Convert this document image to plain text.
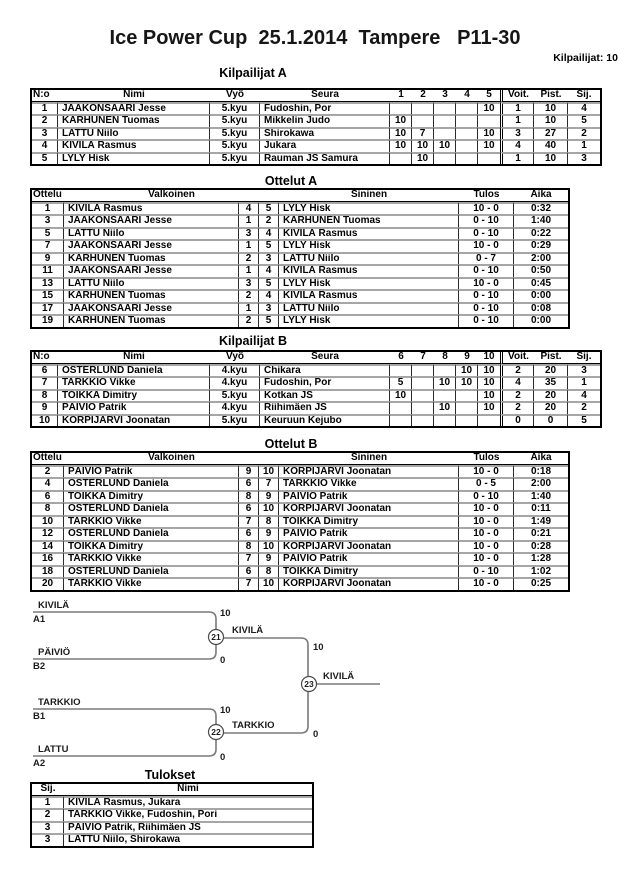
Ice Power Cup  25.1.2014  Tampere   P11-30
Kilpailijat: 10
Kilpailijat A
N:o	Nimi	Vyö	Seura	1	2	3	4	5	Voit.	Pist.	Sij.
1	JAAKONSAARI Jesse	5.kyu	Fudoshin, Por					10	1	10	4
2	KARHUNEN Tuomas	5.kyu	Mikkelin Judo	10					1	10	5
3	LATTU Niilo	5.kyu	Shirokawa	10	7			10	3	27	2
4	KIVILÄ Rasmus	5.kyu	Jukara	10	10	10		10	4	40	1
5	LYLY Hisk	5.kyu	Rauman JS Samura		10				1	10	3
Ottelut A
Ottelu	Valkoinen			Sininen	Tulos	Aika
1	KIVILÄ Rasmus	4	5	LYLY Hisk	10 - 0	0:32
3	JAAKONSAARI Jesse	1	2	KARHUNEN Tuomas	0 - 10	1:40
5	LATTU Niilo	3	4	KIVILÄ Rasmus	0 - 10	0:22
7	JAAKONSAARI Jesse	1	5	LYLY Hisk	10 - 0	0:29
9	KARHUNEN Tuomas	2	3	LATTU Niilo	0 - 7	2:00
11	JAAKONSAARI Jesse	1	4	KIVILÄ Rasmus	0 - 10	0:50
13	LATTU Niilo	3	5	LYLY Hisk	10 - 0	0:45
15	KARHUNEN Tuomas	2	4	KIVILÄ Rasmus	0 - 10	0:00
17	JAAKONSAARI Jesse	1	3	LATTU Niilo	0 - 10	0:08
19	KARHUNEN Tuomas	2	5	LYLY Hisk	0 - 10	0:00
Kilpailijat B
N:o	Nimi	Vyö	Seura	6	7	8	9	10	Voit.	Pist.	Sij.
6	ÖSTERLUND Daniela	4.kyu	Chikara				10	10	2	20	3
7	TARKKIO Vikke	4.kyu	Fudoshin, Por	5		10	10	10	4	35	1
8	TOIKKA Dimitry	5.kyu	Kotkan JS	10				10	2	20	4
9	PÄIVIÖ Patrik	4.kyu	Riihimäen JS			10		10	2	20	2
10	KORPIJÄRVI Joonatan	5.kyu	Keuruun Kejubo						0	0	5
Ottelut B
Ottelu	Valkoinen			Sininen	Tulos	Aika
2	PÄIVIÖ Patrik	9	10	KORPIJÄRVI Joonatan	10 - 0	0:18
4	ÖSTERLUND Daniela	6	7	TARKKIO Vikke	0 - 5	2:00
6	TOIKKA Dimitry	8	9	PÄIVIÖ Patrik	0 - 10	1:40
8	ÖSTERLUND Daniela	6	10	KORPIJÄRVI Joonatan	10 - 0	0:11
10	TARKKIO Vikke	7	8	TOIKKA Dimitry	10 - 0	1:49
12	ÖSTERLUND Daniela	6	9	PÄIVIÖ Patrik	10 - 0	0:21
14	TOIKKA Dimitry	8	10	KORPIJÄRVI Joonatan	10 - 0	0:28
16	TARKKIO Vikke	7	9	PÄIVIÖ Patrik	10 - 0	1:28
18	ÖSTERLUND Daniela	6	8	TOIKKA Dimitry	0 - 10	1:02
20	TARKKIO Vikke	7	10	KORPIJÄRVI Joonatan	10 - 0	0:25
KIVILÄ
A1
10
PÄIVIÖ
B2
0
21
KIVILÄ
10
TARKKIO
B1
10
LATTU
A2
0
22
TARKKIO
0
23
KIVILÄ
Tulokset
Sij.	Nimi
1	KIVILÄ Rasmus, Jukara
2	TARKKIO Vikke, Fudoshin, Pori
3	PÄIVIÖ Patrik, Riihimäen JS
3	LATTU Niilo, Shirokawa
